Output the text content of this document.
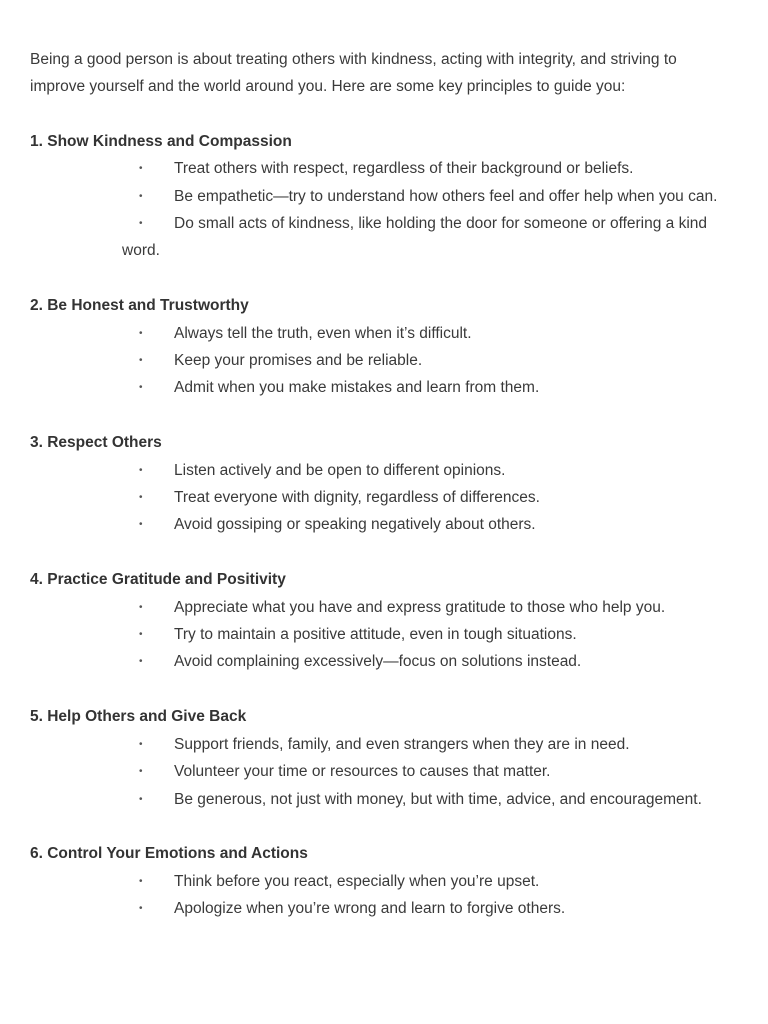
Being a good person is about treating others with kindness, acting with integrity, and striving to improve yourself and the world around you. Here are some key principles to guide you:

1. Show Kindness and Compassion

• Treat others with respect, regardless of their background or beliefs.
• Be empathetic—try to understand how others feel and offer help when you can.
• Do small acts of kindness, like holding the door for someone or offering a kind word.

2. Be Honest and Trustworthy

• Always tell the truth, even when it’s difficult.
• Keep your promises and be reliable.
• Admit when you make mistakes and learn from them.

3. Respect Others

• Listen actively and be open to different opinions.
• Treat everyone with dignity, regardless of differences.
• Avoid gossiping or speaking negatively about others.

4. Practice Gratitude and Positivity

• Appreciate what you have and express gratitude to those who help you.
• Try to maintain a positive attitude, even in tough situations.
• Avoid complaining excessively—focus on solutions instead.

5. Help Others and Give Back

• Support friends, family, and even strangers when they are in need.
• Volunteer your time or resources to causes that matter.
• Be generous, not just with money, but with time, advice, and encouragement.

6. Control Your Emotions and Actions

• Think before you react, especially when you’re upset.
• Apologize when you’re wrong and learn to forgive others.
